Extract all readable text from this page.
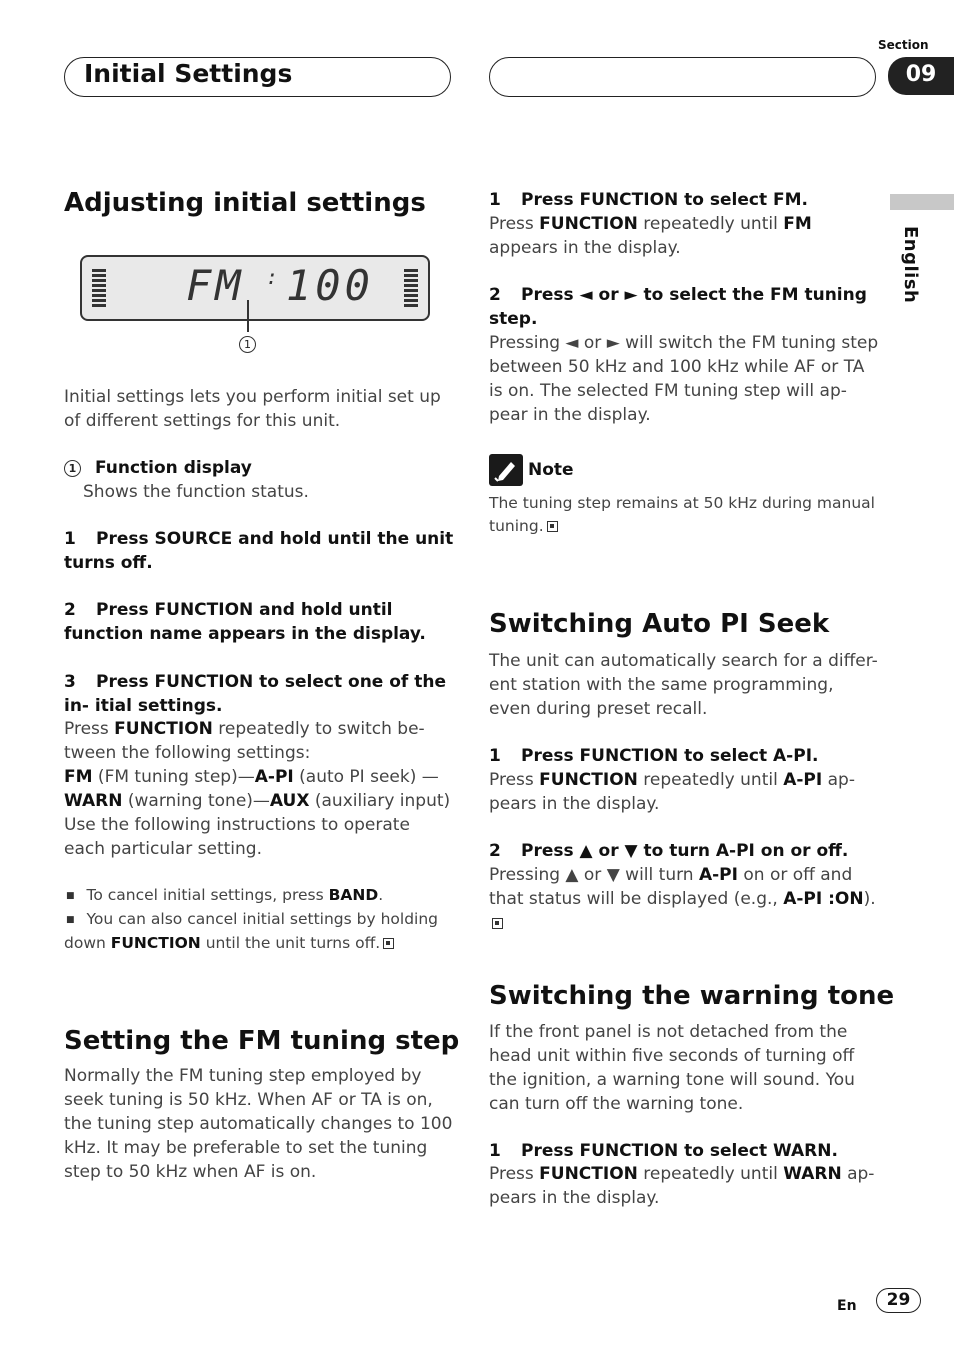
Initial Settings
Section
09
English
Adjusting initial settings
FM : 100
1

Initial settings lets you perform initial set up of different settings for this unit.

1 Function display
Shows the function status.
1 Press SOURCE and hold until the unit turns off.
2 Press FUNCTION and hold until function name appears in the display.
3 Press FUNCTION to select one of the in- itial settings.
Press FUNCTION repeatedly to switch be- tween the following settings:
FM (FM tuning step)—A-PI (auto PI seek) —WARN (warning tone)—AUX (auxiliary input)
Use the following instructions to operate each particular setting.
■ To cancel initial settings, press BAND.
■ You can also cancel initial settings by holding down FUNCTION until the unit turns off.
Setting the FM tuning step

Normally the FM tuning step employed by seek tuning is 50 kHz. When AF or TA is on, the tuning step automatically changes to 100 kHz. It may be preferable to set the tuning step to 50 kHz when AF is on.

1 Press FUNCTION to select FM.
Press FUNCTION repeatedly until FM appears in the display.
2 Press ◄ or ► to select the FM tuning step.

Pressing ◄ or ► will switch the FM tuning step between 50 kHz and 100 kHz while AF or TA is on. The selected FM tuning step will ap- pear in the display.

Note

The tuning step remains at 50 kHz during manual tuning.

Switching Auto PI Seek

The unit can automatically search for a differ- ent station with the same programming, even during preset recall.

1 Press FUNCTION to select A-PI.
Press FUNCTION repeatedly until A-PI ap- pears in the display.
2 Press ▲ or ▼ to turn A-PI on or off.
Pressing ▲ or ▼ will turn A-PI on or off and that status will be displayed (e.g., A-PI :ON).
Switching the warning tone

If the front panel is not detached from the head unit within five seconds of turning off the ignition, a warning tone will sound. You can turn off the warning tone.

1 Press FUNCTION to select WARN.
Press FUNCTION repeatedly until WARN ap- pears in the display.
En	29
